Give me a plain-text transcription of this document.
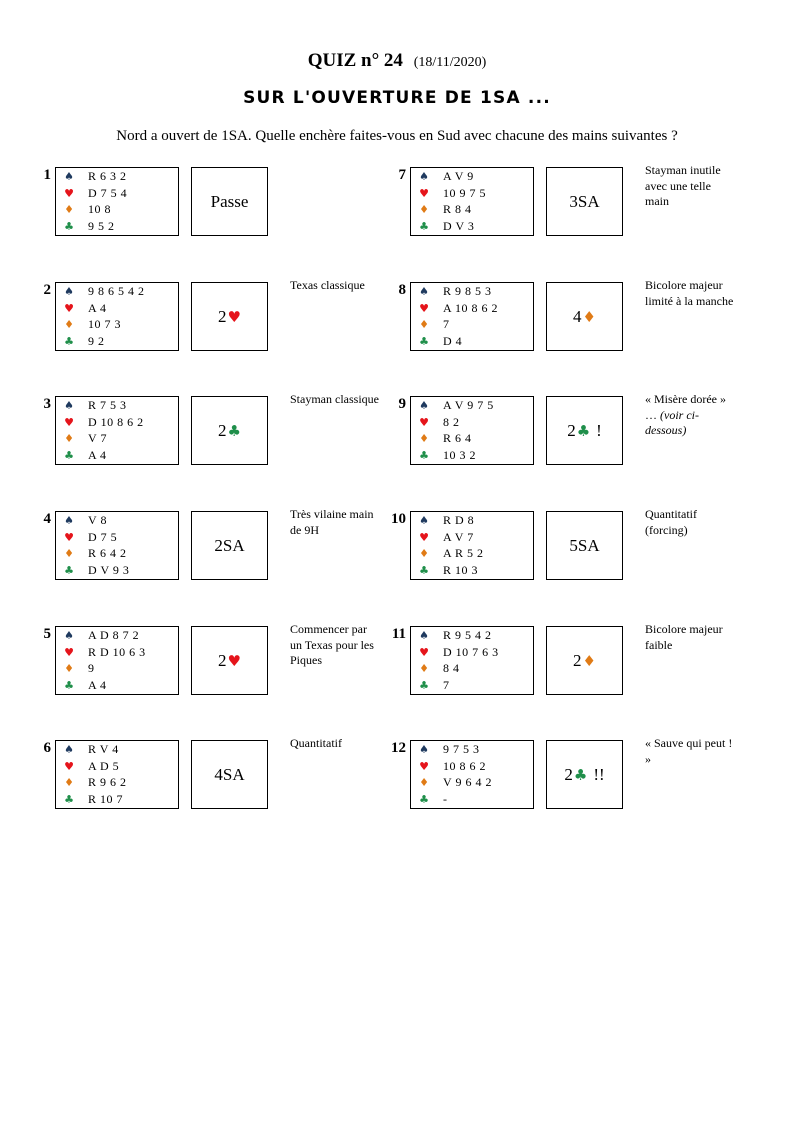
QUIZ n° 24 (18/11/2020)
SUR L'OUVERTURE DE 1SA ...
Nord a ouvert de 1SA. Quelle enchère faites-vous en Sud avec chacune des mains suivantes ?
1 ♠ R 6 3 2
♥ D 7 5 4
♦ 10 8
♣ 9 5 2
Passe
2 ♠ 9 8 6 5 4 2
♥ A 4
♦ 10 7 3
♣ 9 2
2♥
Texas classique
3 ♠ R 7 5 3
♥ D 10 8 6 2
♦ V 7
♣ A 4
2♣
Stayman classique
4 ♠ V 8
♥ D 7 5
♦ R 6 4 2
♣ D V 9 3
2SA
Très vilaine main de 9H
5 ♠ A D 8 7 2
♥ R D 10 6 3
♦ 9
♣ A 4
2♥
Commencer par un Texas pour les Piques
6 ♠ R V 4
♥ A D 5
♦ R 9 6 2
♣ R 10 7
4SA
Quantitatif
7 ♠ A V 9
♥ 10 9 7 5
♦ R 8 4
♣ D V 3
3SA
Stayman inutile avec une telle main
8 ♠ R 9 8 5 3
♥ A 10 8 6 2
♦ 7
♣ D 4
4♦
Bicolore majeur limité à la manche
9 ♠ A V 9 7 5
♥ 8 2
♦ R 6 4
♣ 10 3 2
2♣ !
« Misère dorée » … (voir ci-dessous)
10 ♠ R D 8
♥ A V 7
♦ A R 5 2
♣ R 10 3
5SA
Quantitatif (forcing)
11 ♠ R 9 5 4 2
♥ D 10 7 6 3
♦ 8 4
♣ 7
2♦
Bicolore majeur faible
12 ♠ 9 7 5 3
♥ 10 8 6 2
♦ V 9 6 4 2
♣ -
2♣ !!
« Sauve qui peut ! »
